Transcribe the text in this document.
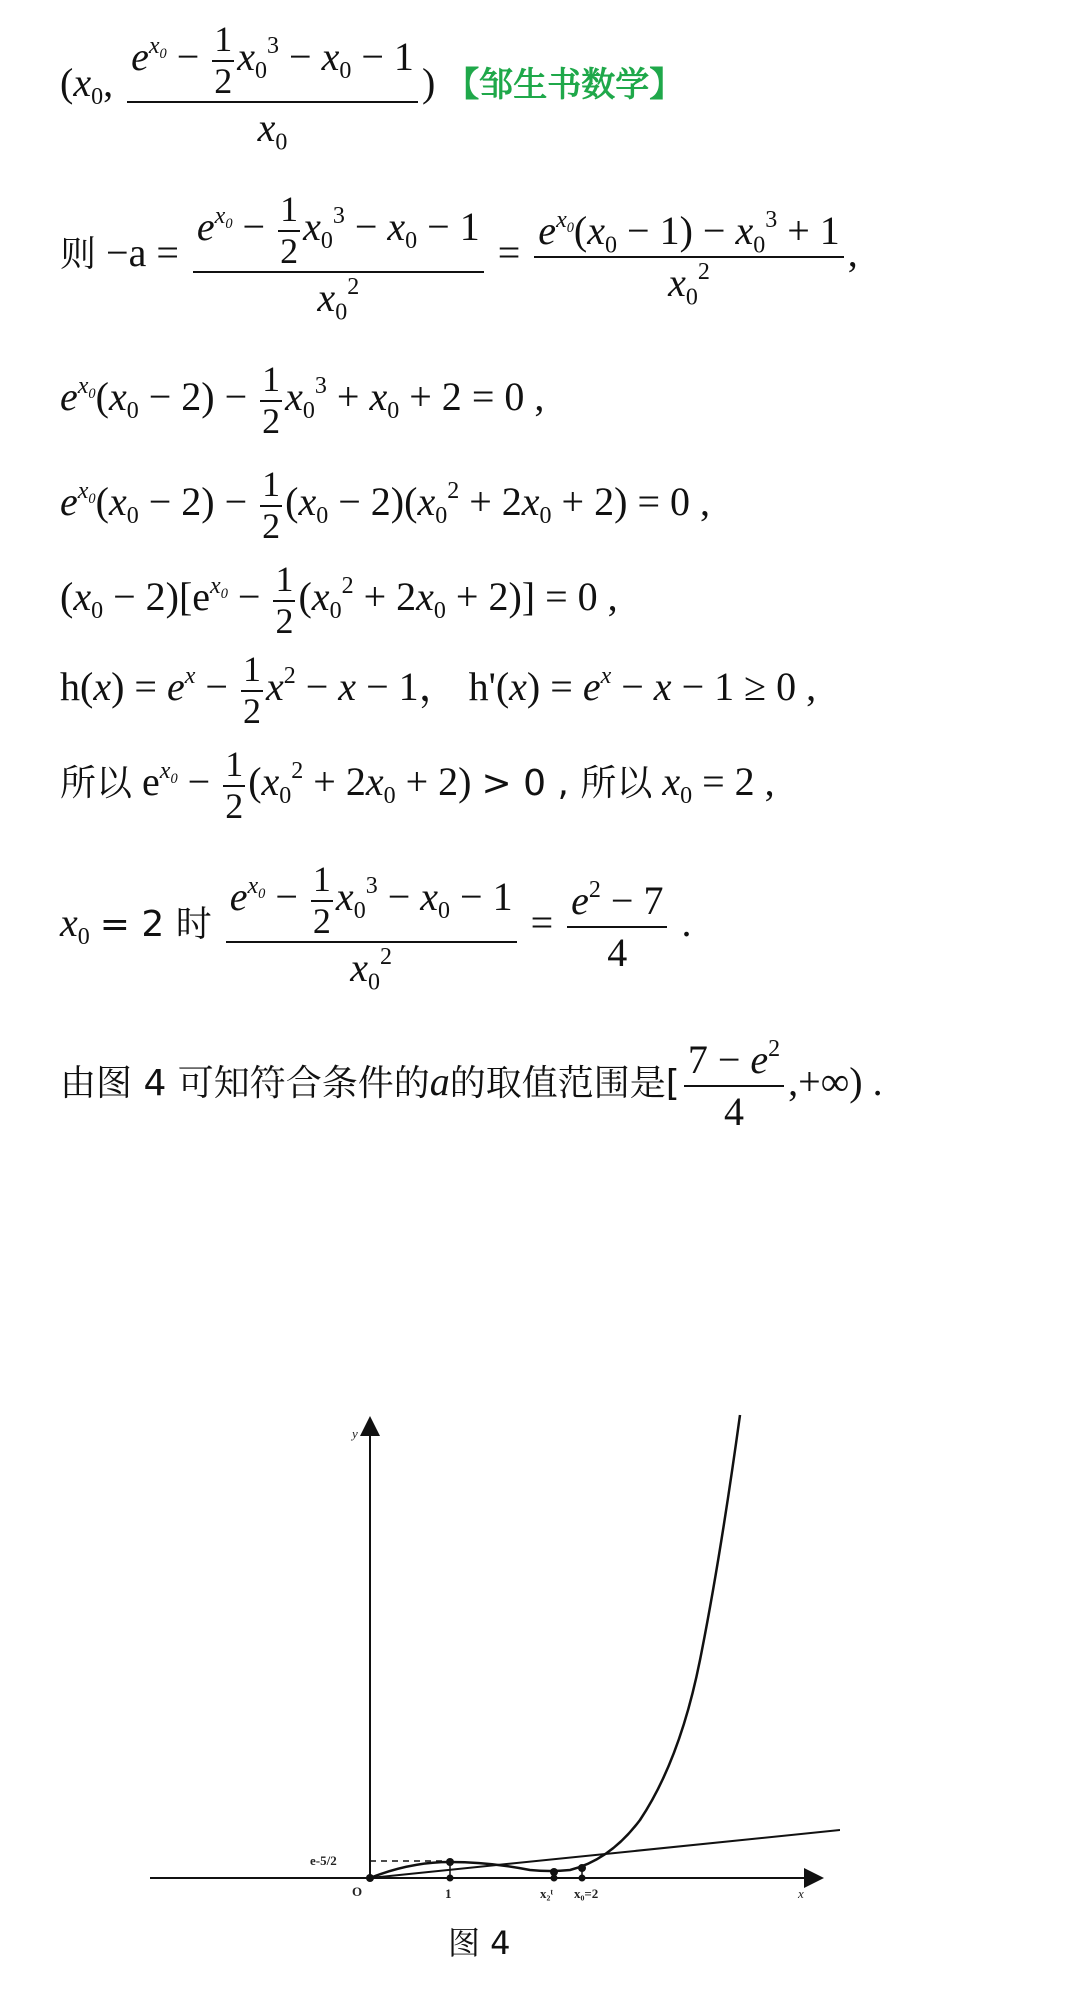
($x_0$, $\frac{e^{x_0} - \frac{1}{2} x_0^3 - x_0 - 1}{x_0}$ ) 【邹生书数学】
则 $-a = \frac{e^{x_0} - \frac{1}{2} x_0^3 - x_0 - 1}{x_0^2} = \frac{e^{x_0}(x_0 - 1) - x_0^3 + 1}{x_0^2}$ ,
$e^{x_0}(x_0 - 2) - \frac{1}{2} x_0^3 + x_0 + 2 = 0$ ,
$e^{x_0}(x_0 - 2) - \frac{1}{2} (x_0 - 2)(x_0^2 + 2x_0 + 2) = 0$ ,
$(x_0 - 2)[e^{x_0} - \frac{1}{2} (x_0^2 + 2x_0 + 2)] = 0$ ,
$h(x) = e^x - \frac{1}{2} x^2 - x - 1$， $h'(x) = e^x - x - 1 \ge 0$ ,
所以 $e^{x_0} - \frac{1}{2} (x_0^2 + 2x_0 + 2) > 0$ , 所以 $x_0 = 2$ ,
$x_0 = 2$ 时 $\frac{e^{x_0} - \frac{1}{2} x_0^3 - x_0 - 1}{x_0^2} = \frac{e^2 - 7}{4}$ .
由图 4 可知符合条件的a的取值范围是[ $\frac{7 - e^2}{4}$ ,+∞) .
y
x
O	1	x₂ᵗ x₀=2
e-5/2
图 4
